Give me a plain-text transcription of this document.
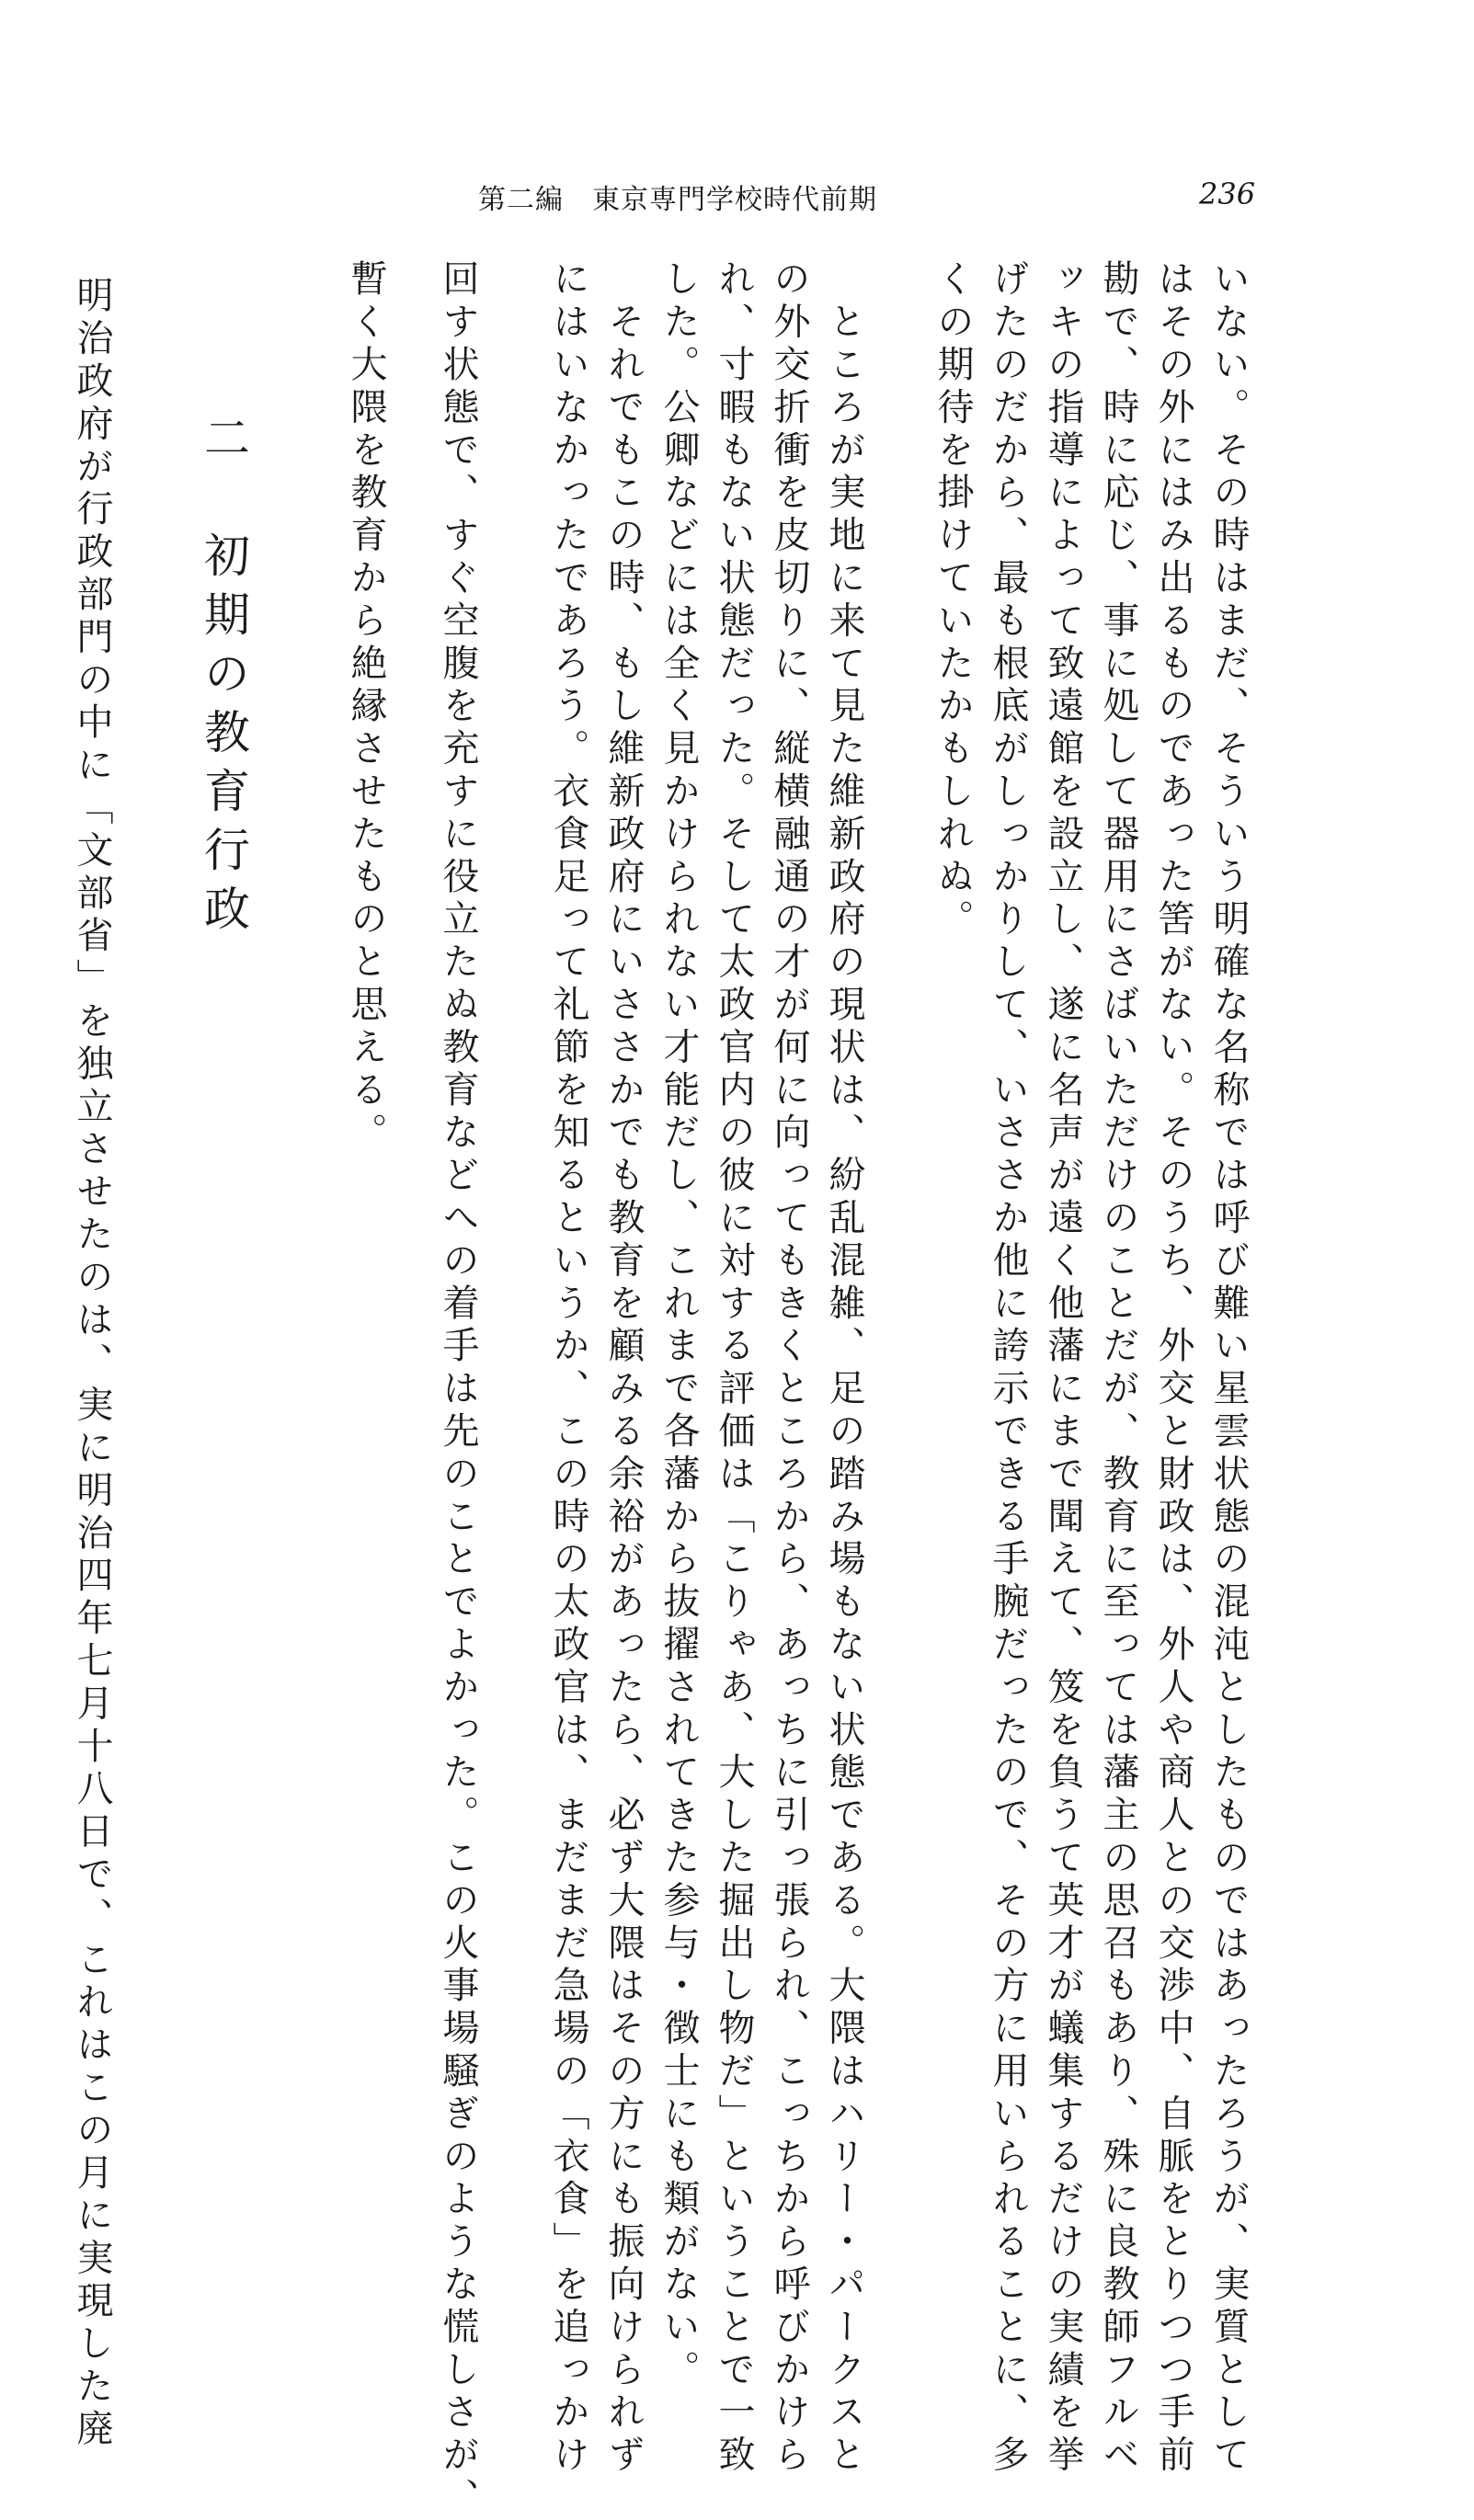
第二編　東京専門学校時代前期	236
いない。その時はまだ、そういう明確な名称では呼び難い星雲状態の混沌としたものではあったろうが、実質として
はその外にはみ出るものであった筈がない。そのうち、外交と財政は、外人や商人との交渉中、自脈をとりつつ手前
勘で、時に応じ、事に処して器用にさばいただけのことだが、教育に至っては藩主の思召もあり、殊に良教師フルベ
ッキの指導によって致遠館を設立し、遂に名声が遠く他藩にまで聞えて、笈を負うて英才が蟻集するだけの実績を挙
げたのだから、最も根底がしっかりして、いささか他に誇示できる手腕だったので、その方に用いられることに、多
くの期待を掛けていたかもしれぬ。
　ところが実地に来て見た維新政府の現状は、紛乱混雑、足の踏み場もない状態である。大隈はハリー・パークスと
の外交折衝を皮切りに、縦横融通の才が何に向ってもきくところから、あっちに引っ張られ、こっちから呼びかけら
れ、寸暇もない状態だった。そして太政官内の彼に対する評価は「こりゃあ、大した掘出し物だ」ということで一致
した。公卿などには全く見かけられない才能だし、これまで各藩から抜擢されてきた参与・徴士にも類がない。
　それでもこの時、もし維新政府にいささかでも教育を顧みる余裕があったら、必ず大隈はその方にも振向けられず
にはいなかったであろう。衣食足って礼節を知るというか、この時の太政官は、まだまだ急場の「衣食」を追っかけ
回す状態で、すぐ空腹を充すに役立たぬ教育などへの着手は先のことでよかった。この火事場騒ぎのような慌しさが、
暫く大隈を教育から絶縁させたものと思える。
二　初期の教育行政
明治政府が行政部門の中に「文部省」を独立させたのは、実に明治四年七月十八日で、これはこの月に実現した廃
